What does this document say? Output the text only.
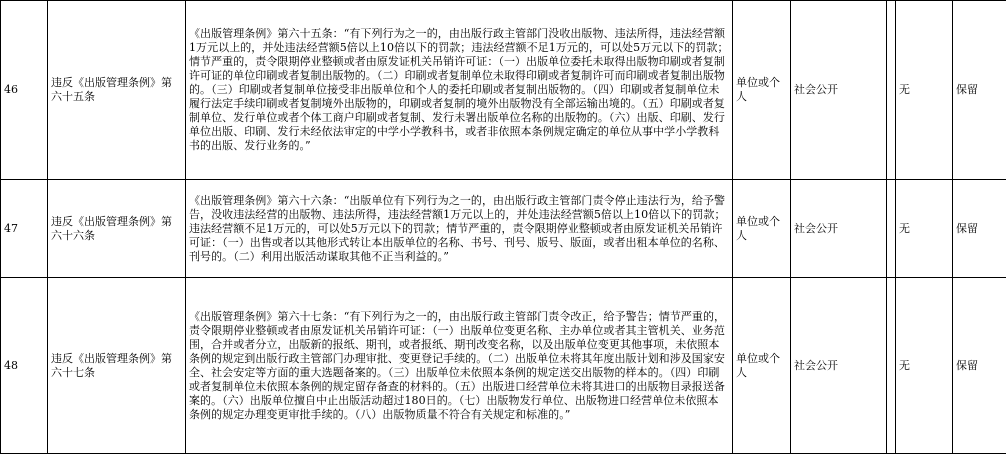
46	违反《出版管理条例》第六十五条	《出版管理条例》第六十五条：“有下列行为之一的，由出版行政主管部门没收出版物、违法所得，违法经营额1万元以上的，并处违法经营额5倍以上10倍以下的罚款；违法经营额不足1万元的，可以处5万元以下的罚款；情节严重的，责令限期停业整顿或者由原发证机关吊销许可证：（一）出版单位委托未取得出版物印刷或者复制许可证的单位印刷或者复制出版物的。（二）印刷或者复制单位未取得印刷或者复制许可而印刷或者复制出版物的。（三）印刷或者复制单位接受非出版单位和个人的委托印刷或者复制出版物的。（四）印刷或者复制单位未履行法定手续印刷或者复制境外出版物的，印刷或者复制的境外出版物没有全部运输出境的。（五）印刷或者复制单位、发行单位或者个体工商户印刷或者复制、发行未署出版单位名称的出版物的。（六）出版、印刷、发行单位出版、印刷、发行未经依法审定的中学小学教科书，或者非依照本条例规定确定的单位从事中学小学教科书的出版、发行业务的。”	单位或个人	社会公开		无	保留
47	违反《出版管理条例》第六十六条	《出版管理条例》第六十六条：“出版单位有下列行为之一的，由出版行政主管部门责令停止违法行为，给予警告，没收违法经营的出版物、违法所得，违法经营额1万元以上的，并处违法经营额5倍以上10倍以下的罚款；违法经营额不足1万元的，可以处5万元以下的罚款；情节严重的，责令限期停业整顿或者由原发证机关吊销许可证：（一）出售或者以其他形式转让本出版单位的名称、书号、刊号、版号、版面，或者出租本单位的名称、刊号的。（二）利用出版活动谋取其他不正当利益的。”	单位或个人	社会公开		无	保留
48	违反《出版管理条例》第六十七条	《出版管理条例》第六十七条：“有下列行为之一的，由出版行政主管部门责令改正，给予警告；情节严重的，责令限期停业整顿或者由原发证机关吊销许可证：（一）出版单位变更名称、主办单位或者其主管机关、业务范围，合并或者分立，出版新的报纸、期刊，或者报纸、期刊改变名称，以及出版单位变更其他事项，未依照本条例的规定到出版行政主管部门办理审批、变更登记手续的。（二）出版单位未将其年度出版计划和涉及国家安全、社会安定等方面的重大选题备案的。（三）出版单位未依照本条例的规定送交出版物的样本的。（四）印刷或者复制单位未依照本条例的规定留存备查的材料的。（五）出版进口经营单位未将其进口的出版物目录报送备案的。（六）出版单位擅自中止出版活动超过180日的。（七）出版物发行单位、出版物进口经营单位未依照本条例的规定办理变更审批手续的。（八）出版物质量不符合有关规定和标准的。”	单位或个人	社会公开		无	保留
